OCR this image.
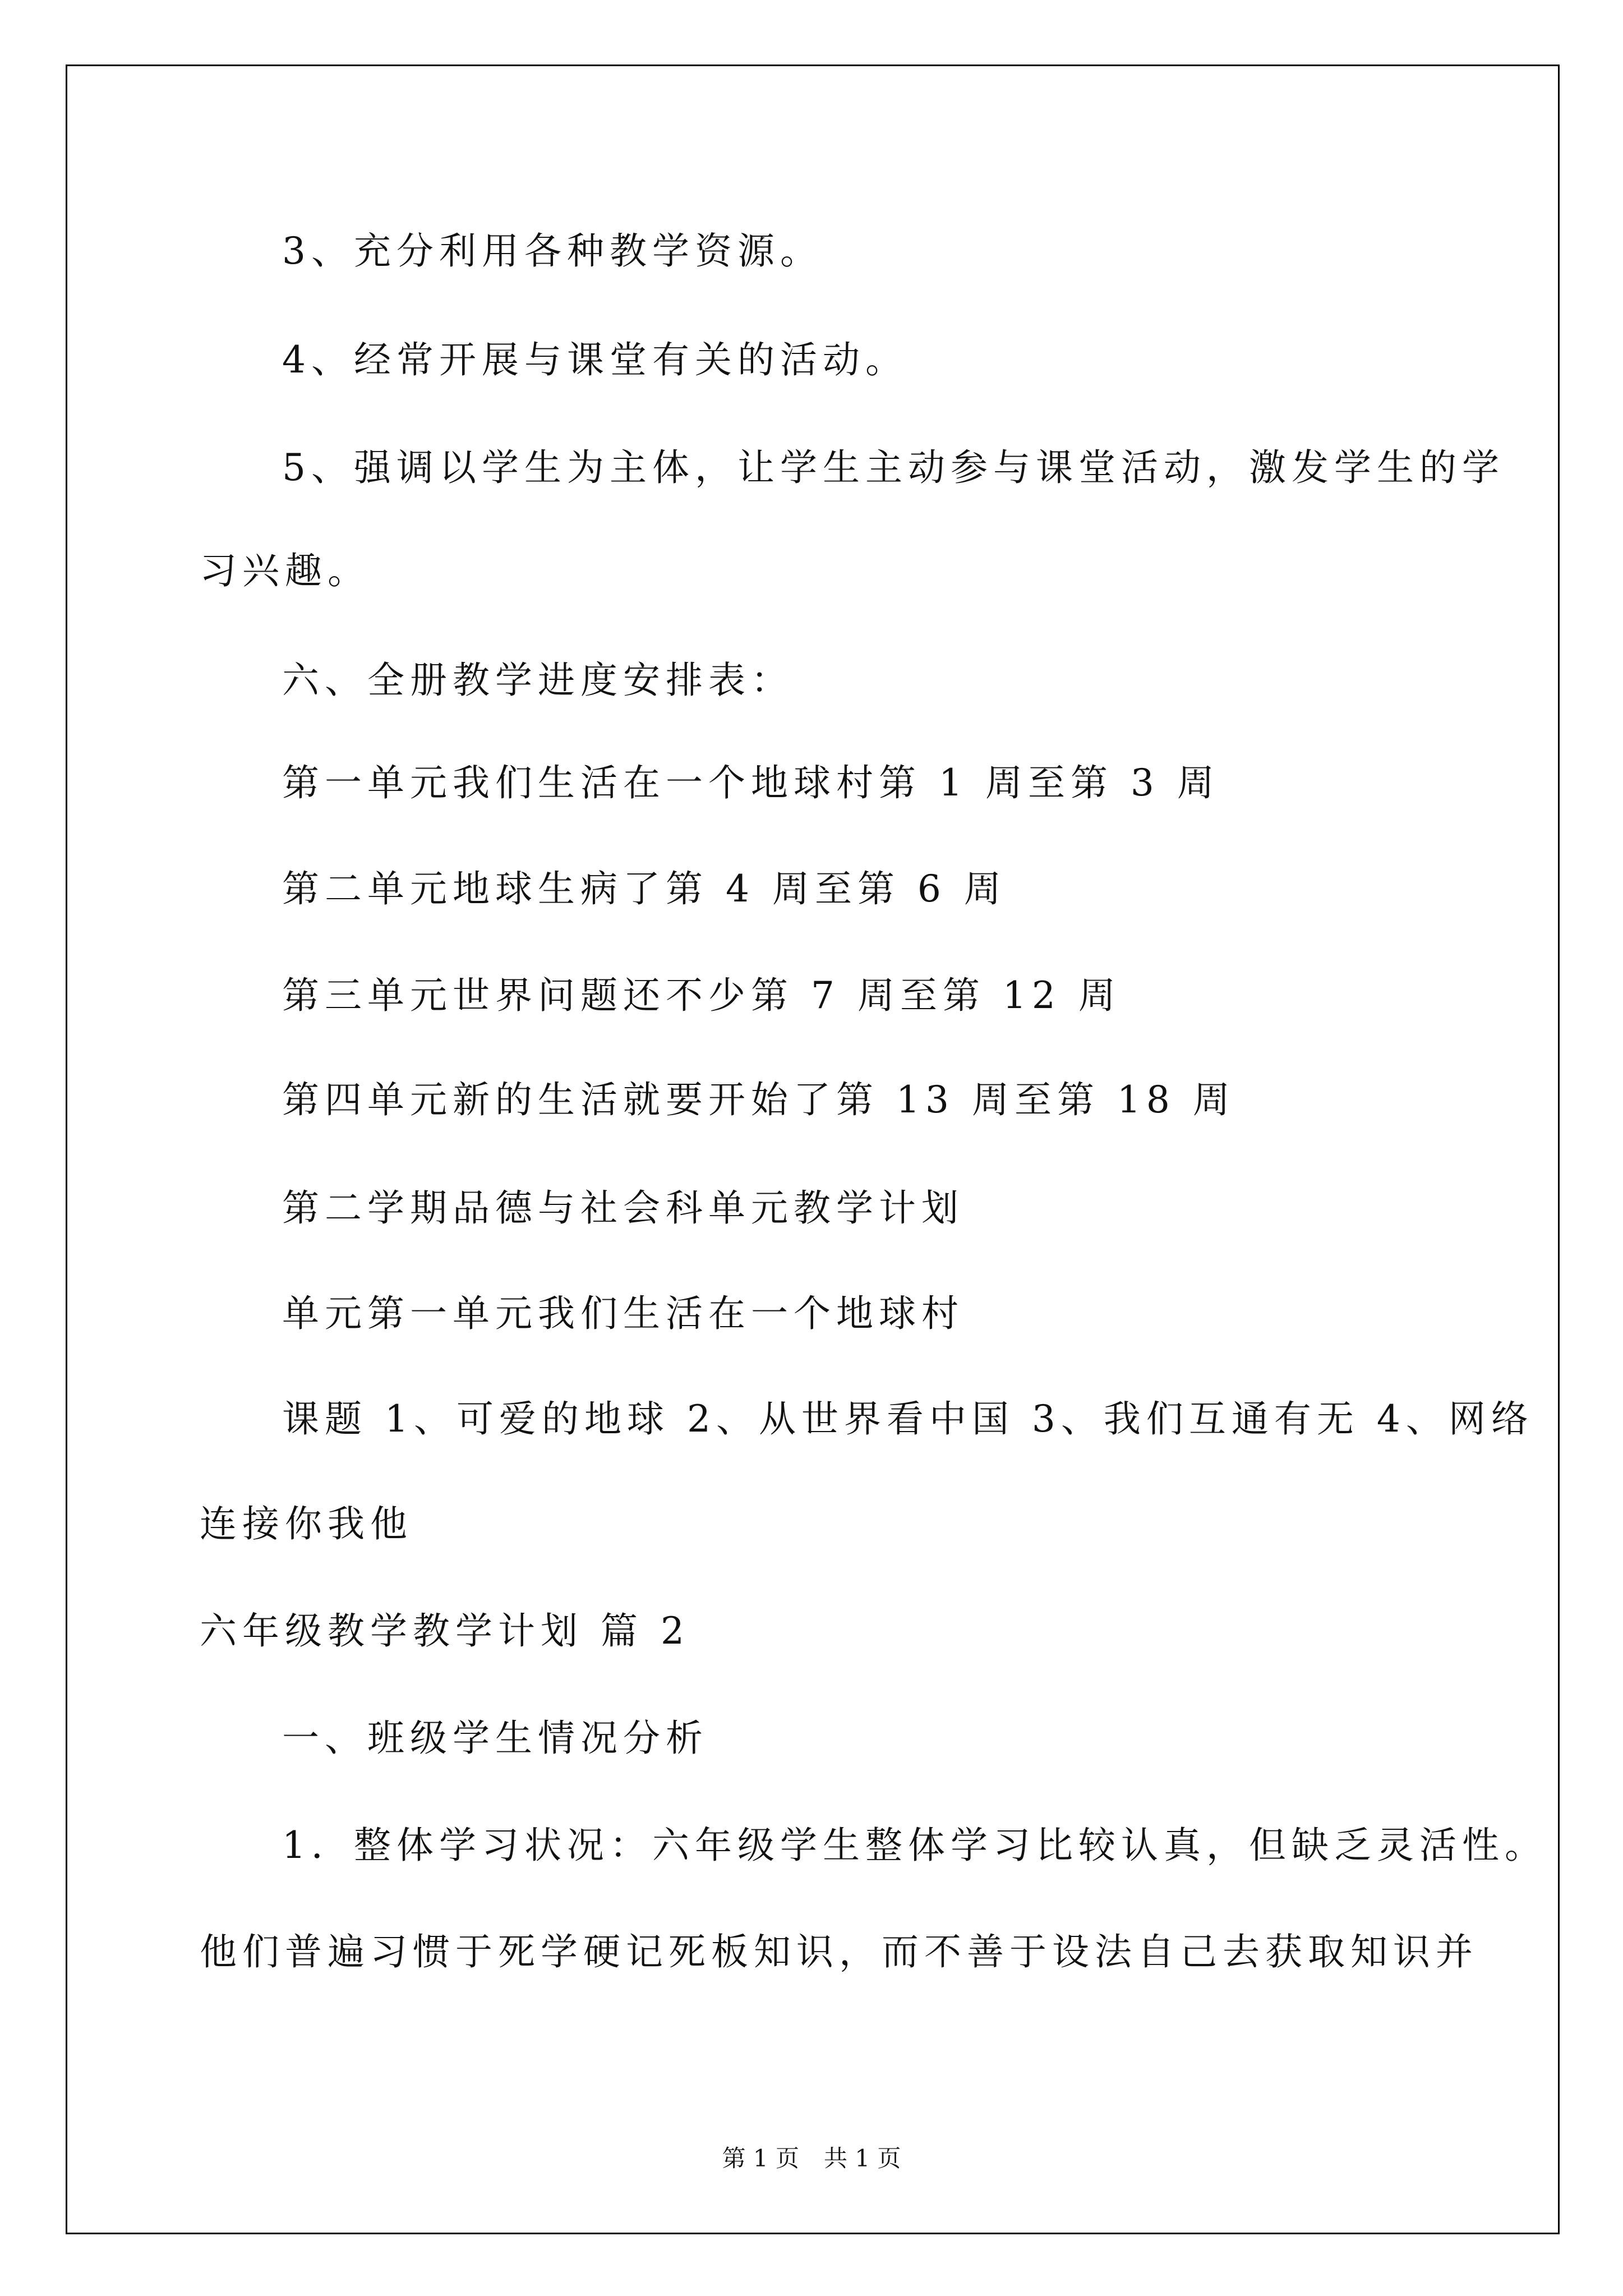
3、充分利用各种教学资源。
4、经常开展与课堂有关的活动。
5、强调以学生为主体，让学生主动参与课堂活动，激发学生的学
习兴趣。
六、全册教学进度安排表：
第一单元我们生活在一个地球村第 1 周至第 3 周
第二单元地球生病了第 4 周至第 6 周
第三单元世界问题还不少第 7 周至第 12 周
第四单元新的生活就要开始了第 13 周至第 18 周
第二学期品德与社会科单元教学计划
单元第一单元我们生活在一个地球村
课题 1、可爱的地球 2、从世界看中国 3、我们互通有无 4、网络
连接你我他
六年级教学教学计划 篇 2
一、班级学生情况分析
1．整体学习状况：六年级学生整体学习比较认真，但缺乏灵活性。
他们普遍习惯于死学硬记死板知识，而不善于设法自己去获取知识并
第 1 页 共 1 页
